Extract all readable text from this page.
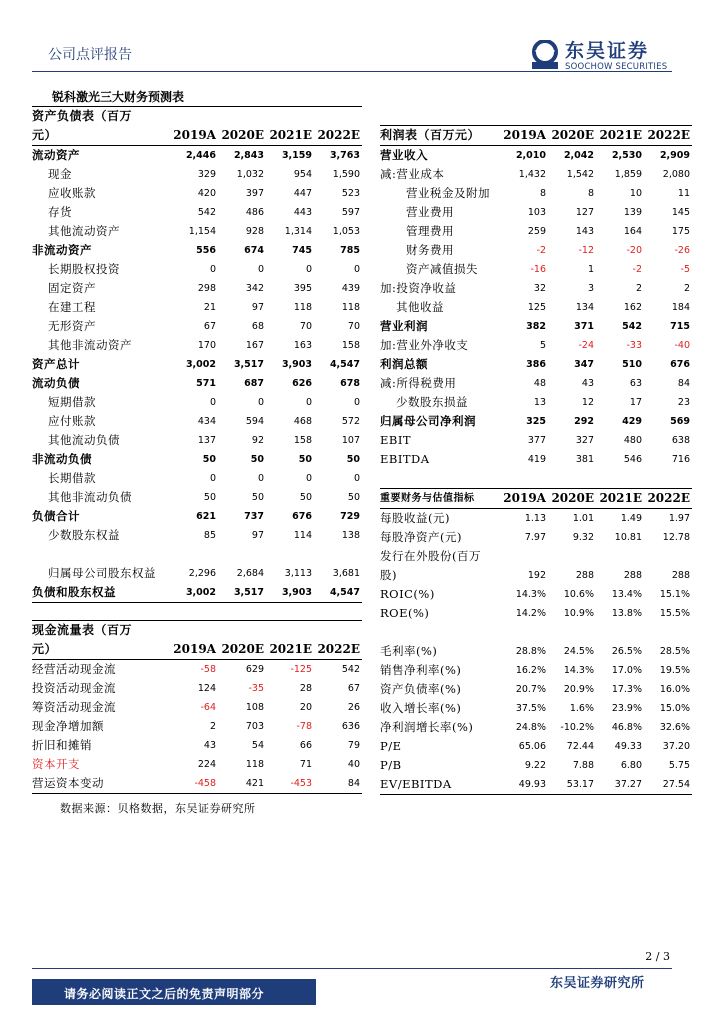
公司点评报告	东吴证券
SOOCHOW SECURITIES
锐科激光三大财务预测表
资产负债表（百万				
元）	2019A	2020E	2021E	2022E
流动资产	2,446	2,843	3,159	3,763
现金	329	1,032	954	1,590
应收账款	420	397	447	523
存货	542	486	443	597
其他流动资产	1,154	928	1,314	1,053
非流动资产	556	674	745	785
长期股权投资	0	0	0	0
固定资产	298	342	395	439
在建工程	21	97	118	118
无形资产	67	68	70	70
其他非流动资产	170	167	163	158
资产总计	3,002	3,517	3,903	4,547
流动负债	571	687	626	678
短期借款	0	0	0	0
应付账款	434	594	468	572
其他流动负债	137	92	158	107
非流动负债	50	50	50	50
长期借款	0	0	0	0
其他非流动负债	50	50	50	50
负债合计	621	737	676	729
少数股东权益	85	97	114	138

归属母公司股东权益	2,296	2,684	3,113	3,681
负债和股东权益	3,002	3,517	3,903	4,547

利润表（百万元）	2019A	2020E	2021E	2022E
营业收入	2,010	2,042	2,530	2,909
减:营业成本	1,432	1,542	1,859	2,080
营业税金及附加	8	8	10	11
营业费用	103	127	139	145
管理费用	259	143	164	175
财务费用	-2	-12	-20	-26
资产减值损失	-16	1	-2	-5
加:投资净收益	32	3	2	2
其他收益	125	134	162	184
营业利润	382	371	542	715
加:营业外净收支	5	-24	-33	-40
利润总额	386	347	510	676
减:所得税费用	48	43	63	84
少数股东损益	13	12	17	23
归属母公司净利润	325	292	429	569
EBIT	377	327	480	638
EBITDA	419	381	546	716
重要财务与估值指标	2019A	2020E	2021E	2022E
每股收益(元)	1.13	1.01	1.49	1.97
每股净资产(元)	7.97	9.32	10.81	12.78
发行在外股份(百万				
股)	192	288	288	288
ROIC(%)	14.3%	10.6%	13.4%	15.1%
ROE(%)	14.2%	10.9%	13.8%	15.5%

毛利率(%)	28.8%	24.5%	26.5%	28.5%
销售净利率(%)	16.2%	14.3%	17.0%	19.5%
资产负债率(%)	20.7%	20.9%	17.3%	16.0%
收入增长率(%)	37.5%	1.6%	23.9%	15.0%
净利润增长率(%)	24.8%	-10.2%	46.8%	32.6%
P/E	65.06	72.44	49.33	37.20
P/B	9.22	7.88	6.80	5.75
EV/EBITDA	49.93	53.17	37.27	27.54
现金流量表（百万				
元）	2019A	2020E	2021E	2022E
经营活动现金流	-58	629	-125	542
投资活动现金流	124	-35	28	67
筹资活动现金流	-64	108	20	26
现金净增加额	2	703	-78	636
折旧和摊销	43	54	66	79
资本开支	224	118	71	40
营运资本变动	-458	421	-453	84
数据来源：贝格数据，东吴证券研究所
2 / 3
请务必阅读正文之后的免责声明部分
东吴证券研究所
